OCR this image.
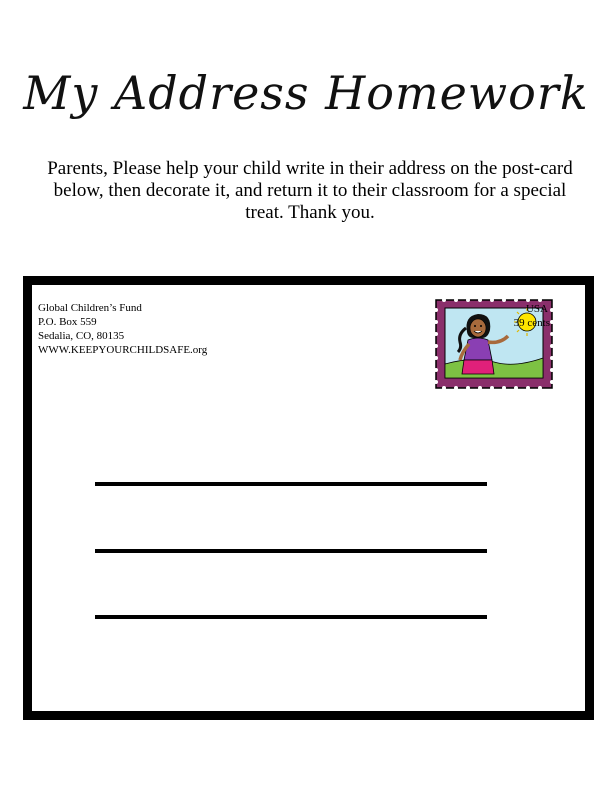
My Address Homework

Parents, Please help your child write in their address on the post-card below, then decorate it, and return it to their classroom for a special treat. Thank you.

Global Children’s Fund
P.O. Box 559
Sedalia, CO, 80135
WWW.KEEPYOURCHILDSAFE.org
USA
39 cents
